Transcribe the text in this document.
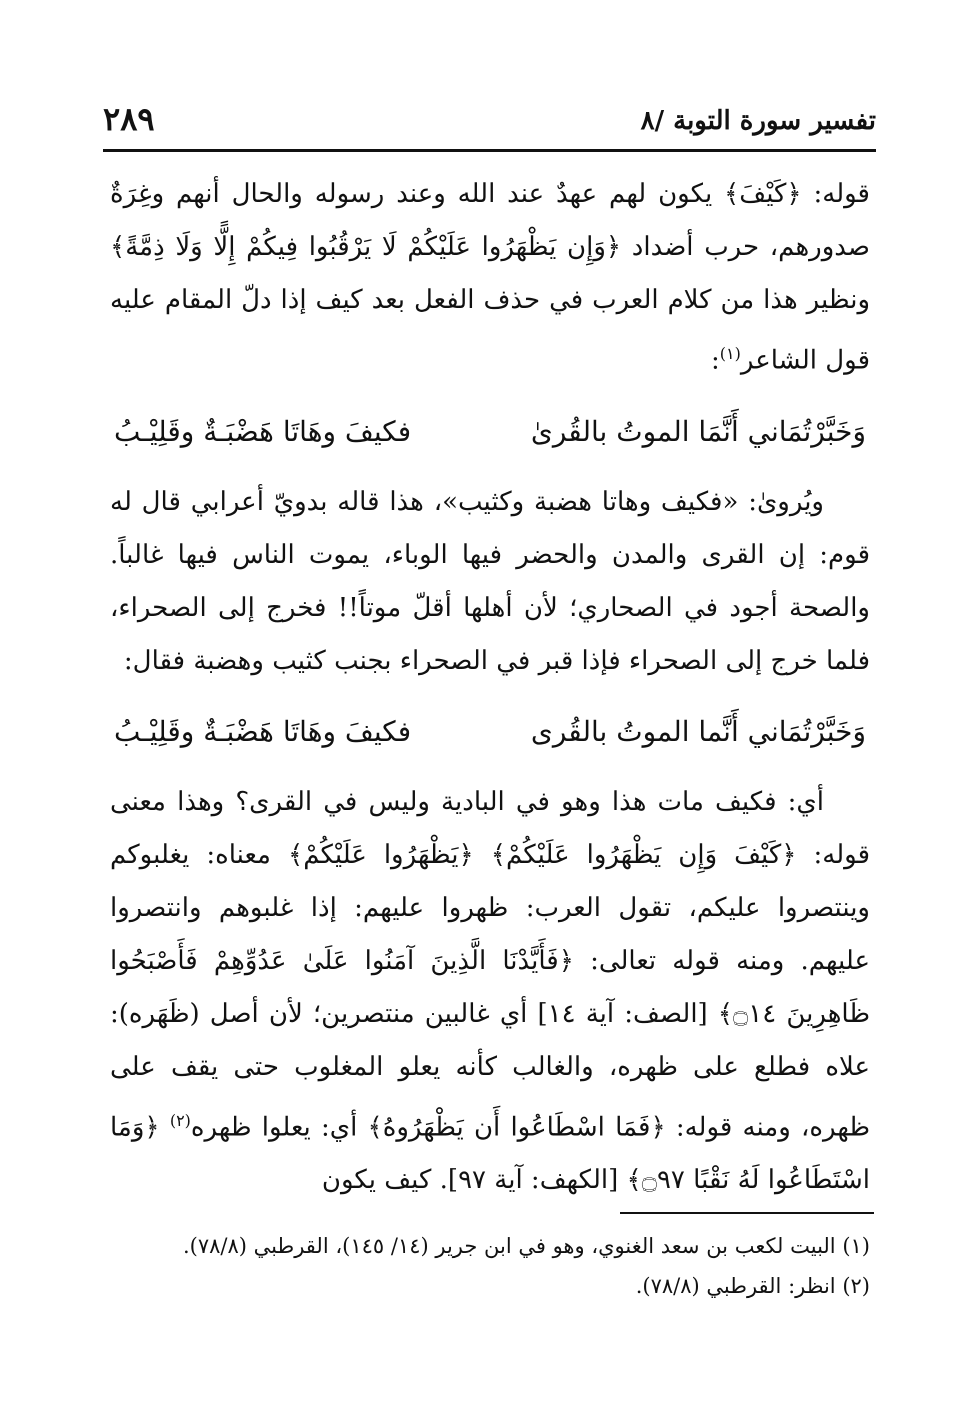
تفسير سورة التوبة /٨
٢٨٩

قوله: ﴿كَيْفَ﴾ يكون لهم عهدٌ عند الله وعند رسوله والحال أنهم وغِرَةٌ صدورهم، حرب أضداد ﴿وَإِن يَظْهَرُوا عَلَيْكُمْ لَا يَرْقُبُوا فِيكُمْ إِلًّا وَلَا ذِمَّةً﴾ ونظير هذا من كلام العرب في حذف الفعل بعد كيف إذا دلّ المقام عليه قول الشاعر$^{(١)}$:

وَخَبَّرْتُمَاني أَنَّمَا الموتُ بالقُرىٰ
فكيفَ وهَاتَا هَضْبَـةٌ وقَلِيْـبُ

ويُروىٰ: «فكيف وهاتا هضبة وكثيب»، هذا قاله بدويّ أعرابي قال له قوم: إن القرى والمدن والحضر فيها الوباء، يموت الناس فيها غالباً. والصحة أجود في الصحاري؛ لأن أهلها أقلّ موتاً!! فخرج إلى الصحراء، فلما خرج إلى الصحراء فإذا قبر في الصحراء بجنب كثيب وهضبة فقال:

وَخَبَّرْتُمَاني أَنَّما الموتُ بالقُرى
فكيفَ وهَاتَا هَضْبَـةٌ وقَلِيْـبُ

أي: فكيف مات هذا وهو في البادية وليس في القرى؟ وهذا معنى قوله: ﴿كَيْفَ وَإِن يَظْهَرُوا عَلَيْكُمْ﴾ ﴿يَظْهَرُوا عَلَيْكُمْ﴾ معناه: يغلبوكم وينتصروا عليكم، تقول العرب: ظهروا عليهم: إذا غلبوهم وانتصروا عليهم. ومنه قوله تعالى: ﴿فَأَيَّدْنَا الَّذِينَ آمَنُوا عَلَىٰ عَدُوِّهِمْ فَأَصْبَحُوا ظَاهِرِينَ ۝١٤﴾ [الصف: آية ١٤] أي غالبين منتصرين؛ لأن أصل (ظَهَره): علاه فطلع على ظهره، والغالب كأنه يعلو المغلوب حتى يقف على ظهره، ومنه قوله: ﴿فَمَا اسْطَاعُوا أَن يَظْهَرُوهُ﴾ أي: يعلوا ظهره$^{(٢)}$ ﴿وَمَا اسْتَطَاعُوا لَهُ نَقْبًا ۝٩٧﴾ [الكهف: آية ٩٧]. كيف يكون

(١) البيت لكعب بن سعد الغنوي، وهو في ابن جرير (١٤/ ١٤٥)، القرطبي (٧٨/٨).

(٢) انظر: القرطبي (٧٨/٨).
